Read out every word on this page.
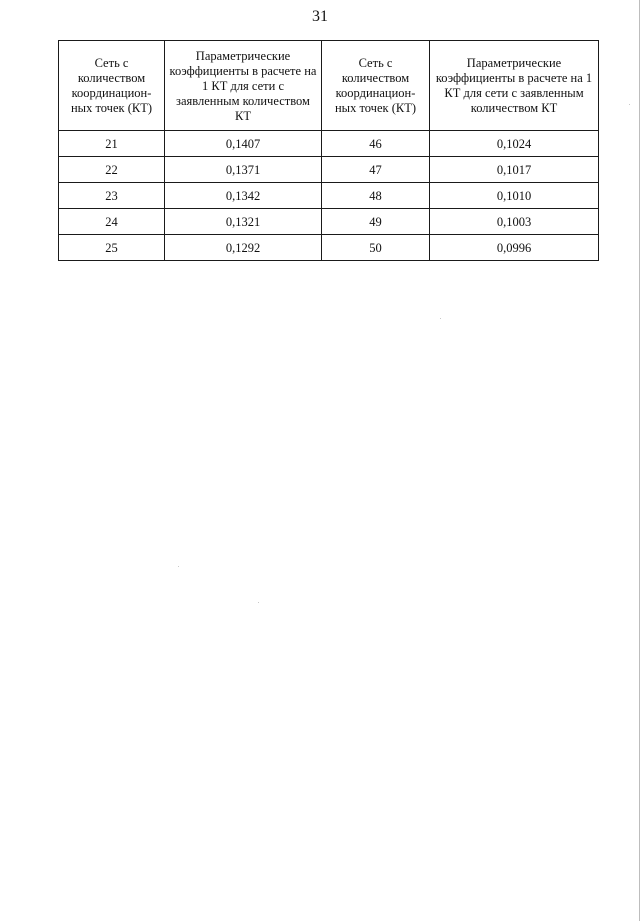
31
Сеть с количеством координацион-ных точек (КТ)	Параметрические коэффициенты в расчете на 1 КТ для сети с заявленным количеством КТ	Сеть с количеством координацион-ных точек (КТ)	Параметрические коэффициенты в расчете на 1 КТ для сети с заявленным количеством КТ
21	0,1407	46	0,1024
22	0,1371	47	0,1017
23	0,1342	48	0,1010
24	0,1321	49	0,1003
25	0,1292	50	0,0996
